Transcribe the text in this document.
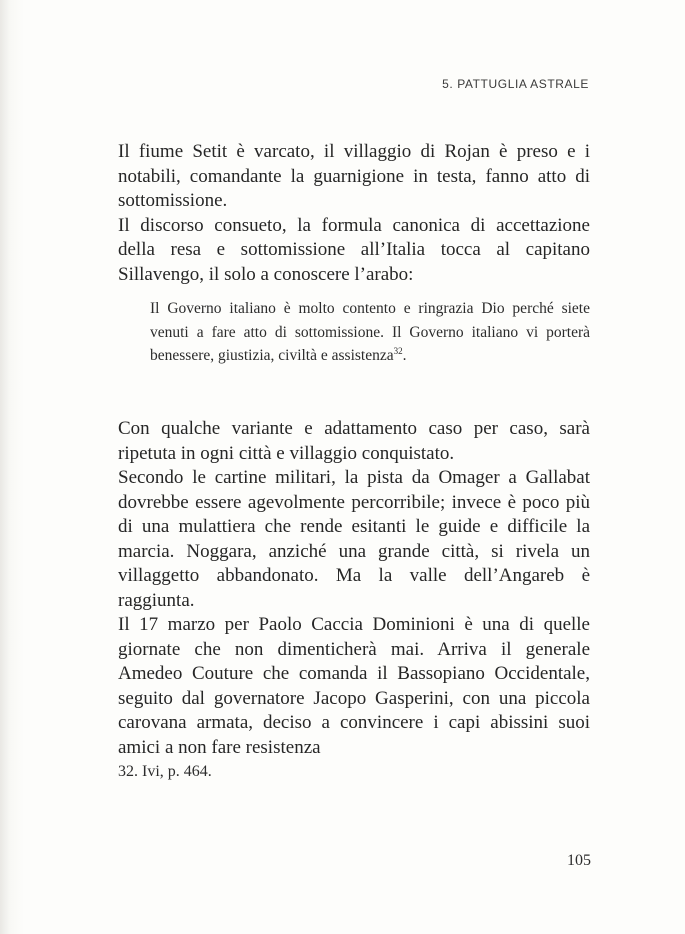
5. PATTUGLIA ASTRALE

Il fiume Setit è varcato, il villaggio di Rojan è preso e i notabili, comandante la guarnigione in testa, fanno atto di sottomissione.

Il discorso consueto, la formula canonica di accettazione della resa e sottomissione all’Italia tocca al capitano Sillavengo, il solo a conoscere l’arabo:

Il Governo italiano è molto contento e ringrazia Dio perché siete venuti a fare atto di sottomissione. Il Governo italiano vi porterà benessere, giustizia, civiltà e assistenza$^{32}$.

Con qualche variante e adattamento caso per caso, sarà ripetuta in ogni città e villaggio conquistato.

Secondo le cartine militari, la pista da Omager a Gallabat dovrebbe essere agevolmente percorribile; invece è poco più di una mulattiera che rende esitanti le guide e difficile la marcia. Noggara, anziché una grande città, si rivela un villaggetto abbandonato. Ma la valle dell’Angareb è raggiunta.

Il 17 marzo per Paolo Caccia Dominioni è una di quelle giornate che non dimenticherà mai. Arriva il generale Amedeo Couture che comanda il Bassopiano Occidentale, seguito dal governatore Jacopo Gasperini, con una piccola carovana armata, deciso a convincere i capi abissini suoi amici a non fare resistenza

32. Ivi, p. 464.
105
